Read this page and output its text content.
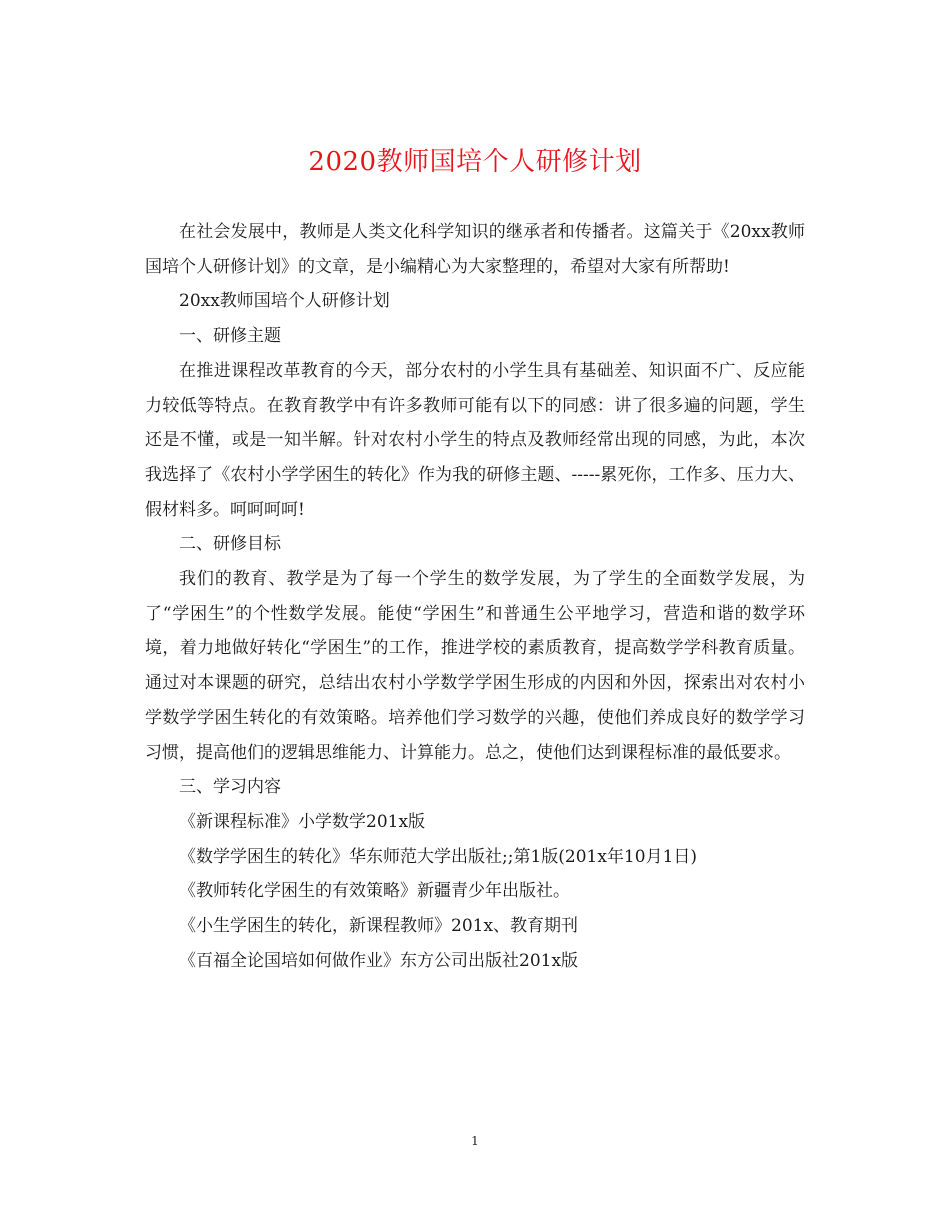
2020教师国培个人研修计划

在社会发展中，教师是人类文化科学知识的继承者和传播者。这篇关于《20xx教师国培个人研修计划》的文章，是小编精心为大家整理的，希望对大家有所帮助!

20xx教师国培个人研修计划

一、研修主题

在推进课程改革教育的今天，部分农村的小学生具有基础差、知识面不广、反应能力较低等特点。在教育教学中有许多教师可能有以下的同感：讲了很多遍的问题，学生还是不懂，或是一知半解。针对农村小学生的特点及教师经常出现的同感，为此，本次我选择了《农村小学学困生的转化》作为我的研修主题、-----累死你，工作多、压力大、假材料多。呵呵呵呵!

二、研修目标

我们的教育、教学是为了每一个学生的数学发展，为了学生的全面数学发展，为了“学困生”的个性数学发展。能使“学困生”和普通生公平地学习，营造和谐的数学环境，着力地做好转化“学困生”的工作，推进学校的素质教育，提高数学学科教育质量。通过对本课题的研究，总结出农村小学数学学困生形成的内因和外因，探索出对农村小学数学学困生转化的有效策略。培养他们学习数学的兴趣，使他们养成良好的数学学习习惯，提高他们的逻辑思维能力、计算能力。总之，使他们达到课程标准的最低要求。

三、学习内容

《新课程标准》小学数学201x版

《数学学困生的转化》华东师范大学出版社;;第1版(201x年10月1日)

《教师转化学困生的有效策略》新疆青少年出版社。

《小生学困生的转化，新课程教师》201x、教育期刊

《百福全论国培如何做作业》东方公司出版社201x版

1
